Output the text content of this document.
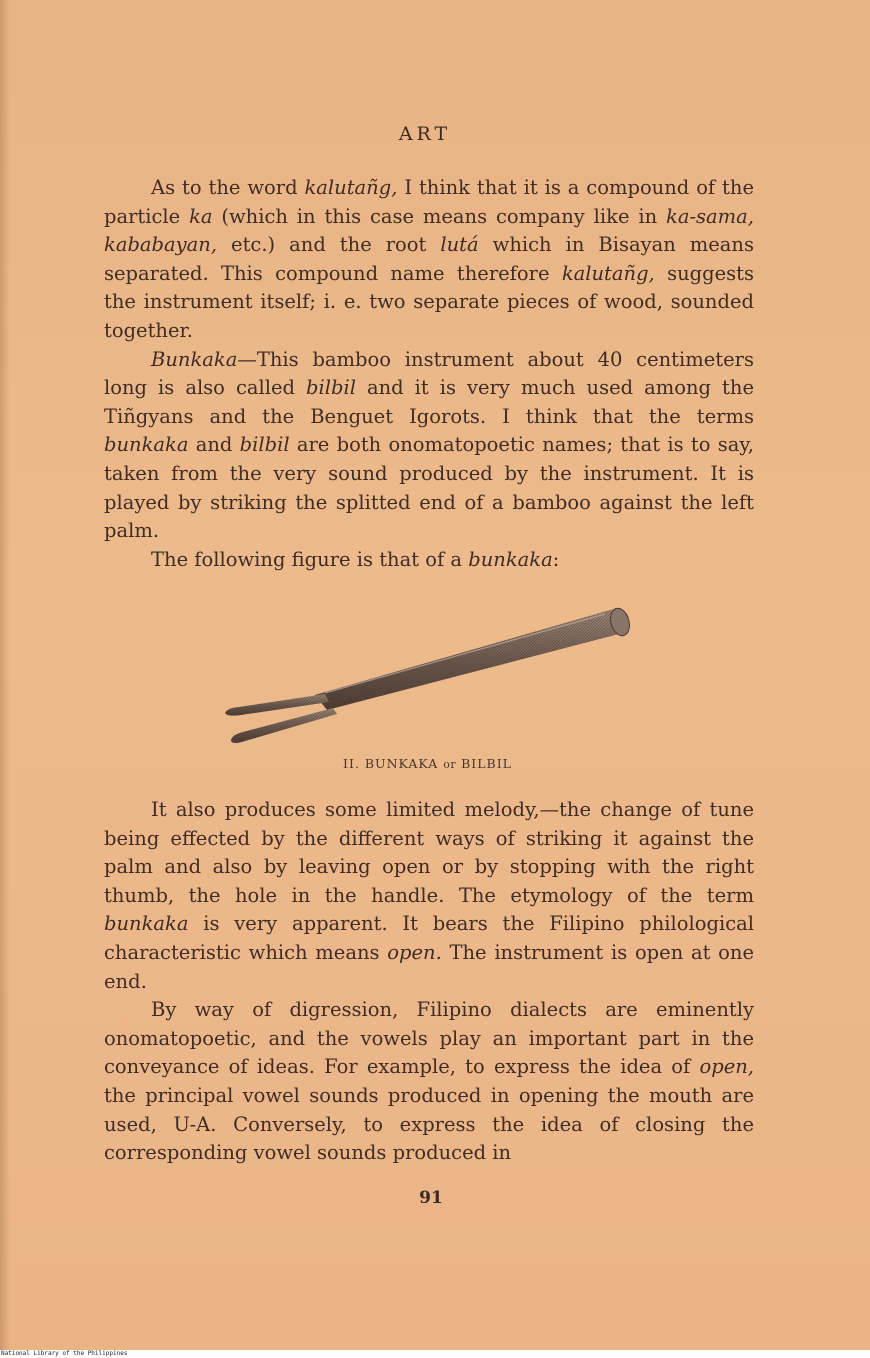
ART

As to the word kalutañg, I think that it is a compound of the particle ka (which in this case means company like in ka-sama, kababayan, etc.) and the root lutá which in Bisayan means separated. This compound name therefore kalutañg, suggests the instrument itself; i. e. two separate pieces of wood, sounded together.

Bunkaka—This bamboo instrument about 40 centimeters long is also called bilbil and it is very much used among the Tiñgyans and the Benguet Igorots. I think that the terms bunkaka and bilbil are both onomatopoetic names; that is to say, taken from the very sound produced by the instrument. It is played by striking the splitted end of a bamboo against the left palm.

The following figure is that of a bunkaka:

II. BUNKAKA or BILBIL

It also produces some limited melody,—the change of tune being effected by the different ways of striking it against the palm and also by leaving open or by stopping with the right thumb, the hole in the handle. The etymology of the term bunkaka is very apparent. It bears the Filipino philological characteristic which means open. The instrument is open at one end.

By way of digression, Filipino dialects are eminently onomatopoetic, and the vowels play an important part in the conveyance of ideas. For example, to express the idea of open, the principal vowel sounds produced in opening the mouth are used, U-A. Conversely, to express the idea of closing the corresponding vowel sounds produced in

91
National Library of the Philippines
